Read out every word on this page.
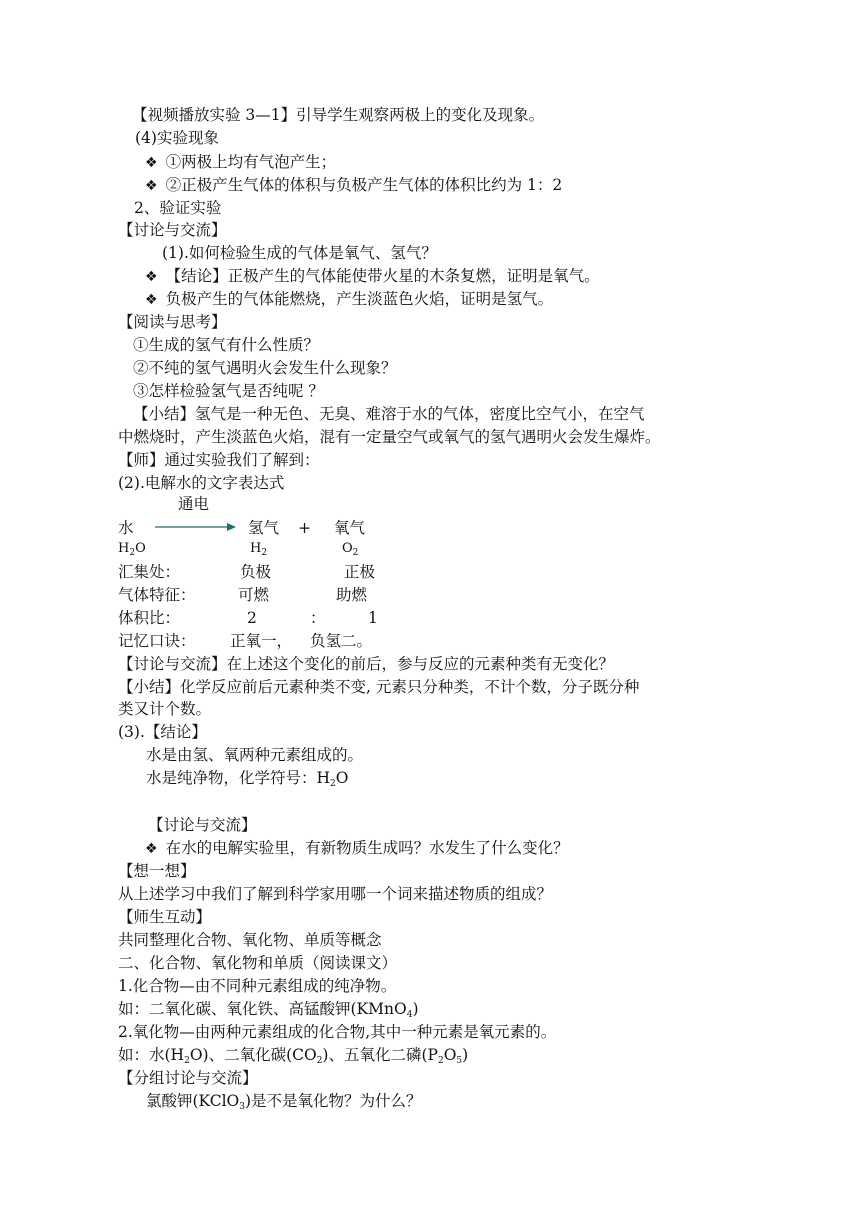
【视频播放实验 3—1】引导学生观察两极上的变化及现象。
(4)实验现象
❖ ①两极上均有气泡产生；
❖ ②正极产生气体的体积与负极产生气体的体积比约为 1：2
2、验证实验
【讨论与交流】
(1).如何检验生成的气体是氧气、氢气？
❖ 【结论】正极产生的气体能使带火星的木条复燃，证明是氧气。
❖ 负极产生的气体能燃烧，产生淡蓝色火焰，证明是氢气。
【阅读与思考】
①生成的氢气有什么性质？
②不纯的氢气遇明火会发生什么现象？
③怎样检验氢气是否纯呢 ？
【小结】氢气是一种无色、无臭、难溶于水的气体，密度比空气小，在空气
中燃烧时，产生淡蓝色火焰，混有一定量空气或氧气的氢气遇明火会发生爆炸。
【师】通过实验我们了解到：
(2).电解水的文字表达式
通电
水	氢气 + 氧气
$H_2O$	$H_2$	$O_2$
汇集处：	负极	正极
气体特征：	可燃	助燃
体积比：	2	：	1
记忆口诀： 正氧一， 负氢二。
【讨论与交流】在上述这个变化的前后，参与反应的元素种类有无变化？
【小结】化学反应前后元素种类不变, 元素只分种类，不计个数，分子既分种
类又计个数。
(3).【结论】
水是由氢、氧两种元素组成的。
水是纯净物，化学符号：$H_2O$
【讨论与交流】
❖ 在水的电解实验里，有新物质生成吗？水发生了什么变化？
【想一想】
从上述学习中我们了解到科学家用哪一个词来描述物质的组成？
【师生互动】
共同整理化合物、氧化物、单质等概念
二、化合物、氧化物和单质（阅读课文）
1.化合物—由不同种元素组成的纯净物。
如：二氧化碳、氧化铁、高锰酸钾(KMnO$_4$)
2.氧化物—由两种元素组成的化合物,其中一种元素是氧元素的。
如：水$(H_2O)$、二氧化碳$(CO_2)$、五氧化二磷$(P_2O_5)$
【分组讨论与交流】
氯酸钾(KClO$_3$)是不是氧化物？为什么？
